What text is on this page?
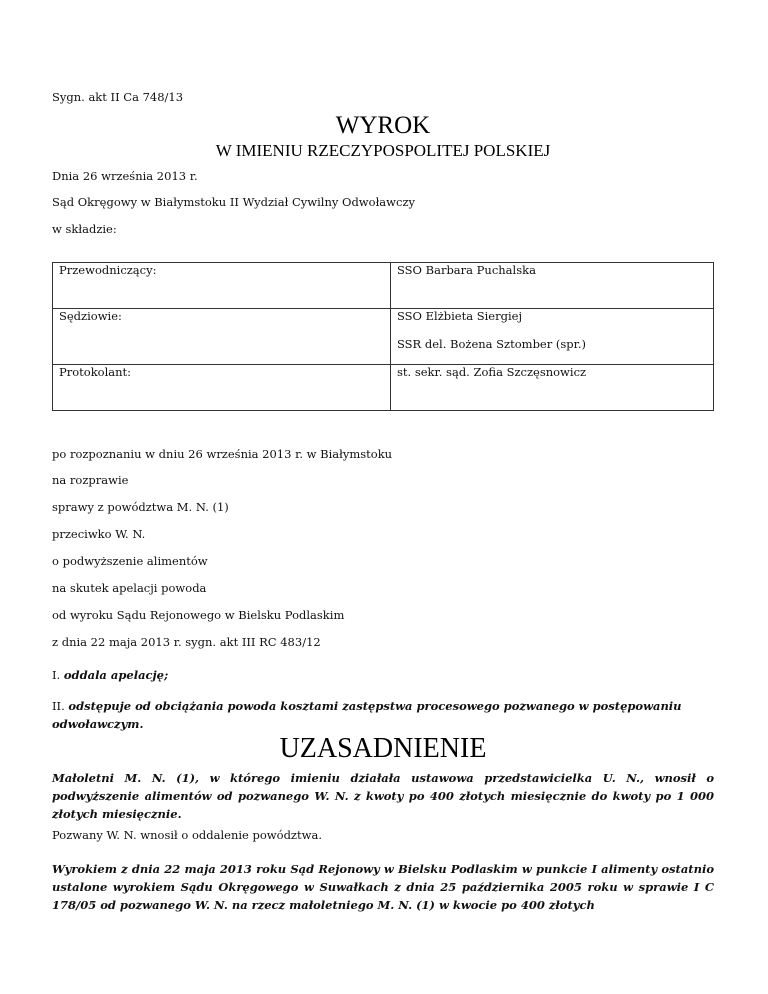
Sygn. akt II Ca 748/13
WYROK
W IMIENIU RZECZYPOSPOLITEJ POLSKIEJ
Dnia 26 września 2013 r.
Sąd Okręgowy w Białymstoku II Wydział Cywilny Odwoławczy
w składzie:
Przewodniczący:	SSO Barbara Puchalska

Sędziowie:	SSO Elżbieta Siergiej
SSR del. Bożena Sztomber (spr.)

Protokolant:	st. sekr. sąd. Zofia Szczęsnowicz
po rozpoznaniu w dniu 26 września 2013 r. w Białymstoku
na rozprawie
sprawy z powództwa M. N. (1)
przeciwko W. N.
o podwyższenie alimentów
na skutek apelacji powoda
od wyroku Sądu Rejonowego w Bielsku Podlaskim
z dnia 22 maja 2013 r. sygn. akt III RC 483/12
I. oddala apelację;
II. odstępuje od obciążania powoda kosztami zastępstwa procesowego pozwanego w postępowaniu odwoławczym.
UZASADNIENIE
Małoletni M. N. (1), w którego imieniu działała ustawowa przedstawicielka U. N., wnosił o podwyższenie alimentów od pozwanego W. N. z kwoty po 400 złotych miesięcznie do kwoty po 1 000 złotych miesięcznie.
Pozwany W. N. wnosił o oddalenie powództwa.
Wyrokiem z dnia 22 maja 2013 roku Sąd Rejonowy w Bielsku Podlaskim w punkcie I alimenty ostatnio ustalone wyrokiem Sądu Okręgowego w Suwałkach z dnia 25 października 2005 roku w sprawie I C 178/05 od pozwanego W. N. na rzecz małoletniego M. N. (1) w kwocie po 400 złotych
